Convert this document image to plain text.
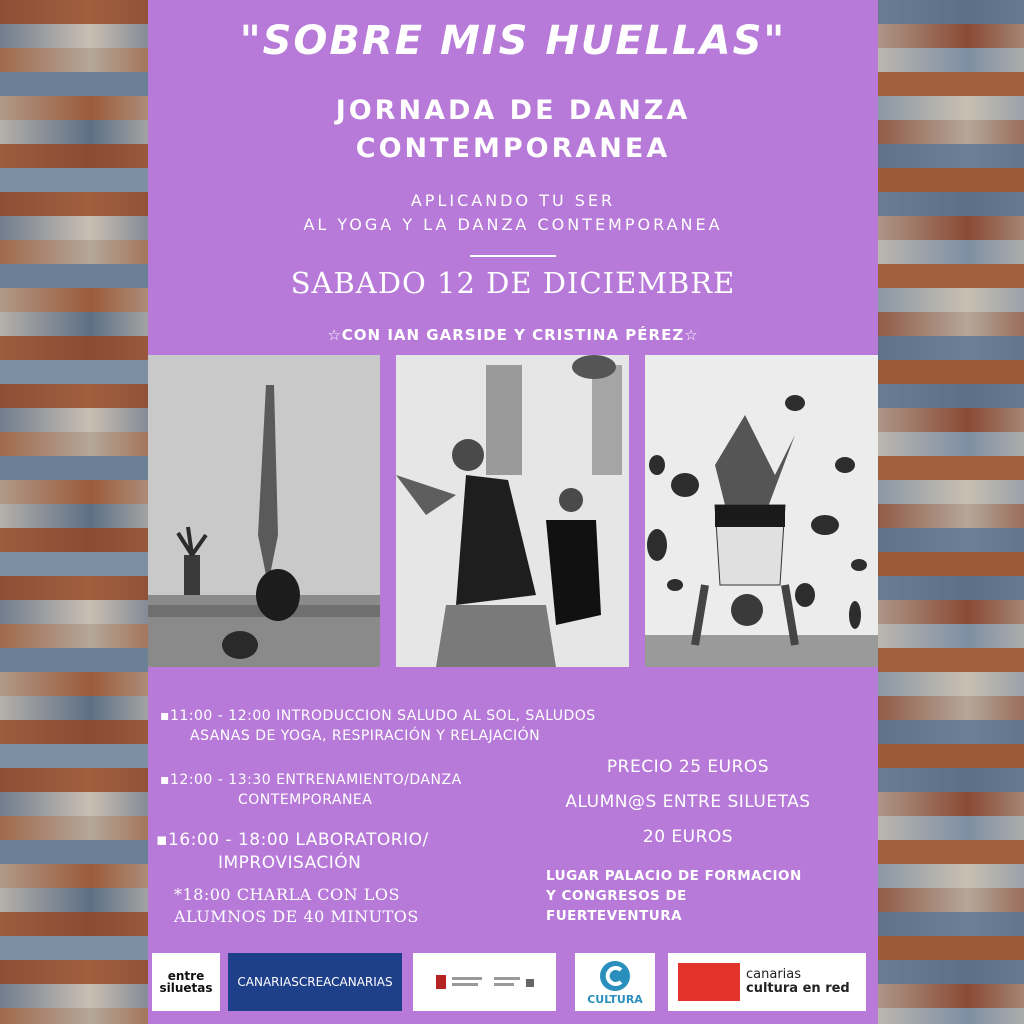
"SOBRE MIS HUELLAS"
JORNADA DE DANZA
CONTEMPORANEA
APLICANDO TU SER
AL YOGA Y LA DANZA CONTEMPORANEA
SABADO 12 DE DICIEMBRE
☆CON IAN GARSIDE Y CRISTINA PÉREZ☆
▪11:00 - 12:00 INTRODUCCION SALUDO AL SOL, SALUDOS
ASANAS DE YOGA, RESPIRACIÓN Y RELAJACIÓN
▪12:00 - 13:30 ENTRENAMIENTO/DANZA
CONTEMPORANEA
▪16:00 - 18:00 LABORATORIO/
IMPROVISACIÓN
*18:00 CHARLA CON LOS
ALUMNOS DE 40 MINUTOS
PRECIO 25 EUROS
ALUMN@S ENTRE SILUETAS
20 EUROS
LUGAR PALACIO DE FORMACION
Y CONGRESOS DE
FUERTEVENTURA
entre
siluetas CANARIASCREACANARIAS
CULTURA
canarias
cultura en red
